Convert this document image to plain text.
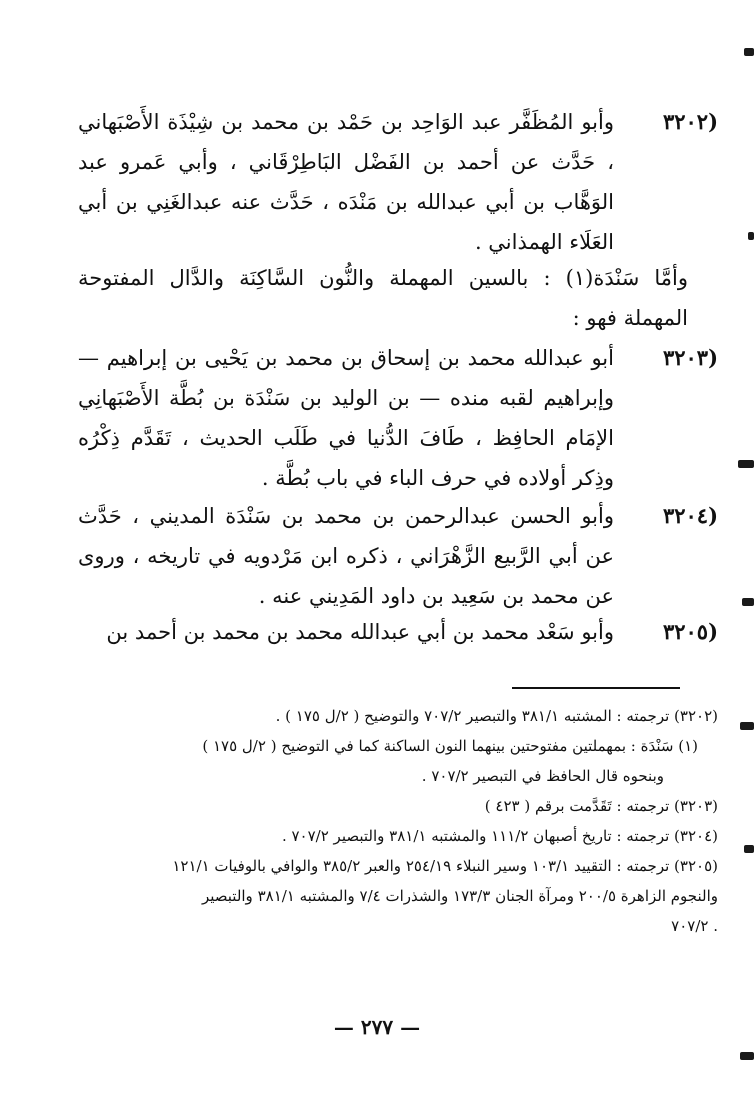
(٣٢٠٢
وأبو المُظَفَّر عبد الوَاحِد بن حَمْد بن محمد بن شِيْذَة الأَصْبَهاني ، حَدَّث عن أحمد بن الفَضْل البَاطِرْقَاني ، وأبي عَمرو عبد الوَهَّاب بن أبي عبدالله بن مَنْدَه ، حَدَّث عنه عبدالغَنِي بن أبي العَلَاء الهمذاني .
وأمَّا سَنْدَة(١) : بالسين المهملة والنُّون السَّاكِنَة والدَّال المفتوحة المهملة فهو :
(٣٢٠٣
أبو عبدالله محمد بن إسحاق بن محمد بن يَحْيى بن إبراهيم — وإبراهيم لقبه منده — بن الوليد بن سَنْدَة بن بُطَّة الأَصْبَهانِي الإمَام الحافِظ ، طَافَ الدُّنيا في طَلَب الحديث ، تَقَدَّم ذِكْرُه وذِكر أولاده في حرف الباء في باب بُطَّة .
(٣٢٠٤
وأبو الحسن عبدالرحمن بن محمد بن سَنْدَة المديني ، حَدَّث عن أبي الرَّبيع الزَّهْرَاني ، ذكره ابن مَرْدويه في تاريخه ، وروى عن محمد بن سَعِيد بن داود المَدِيني عنه .
(٣٢٠٥
وأبو سَعْد محمد بن أبي عبدالله محمد بن محمد بن أحمد بن
(٣٢٠٢) ترجمته : المشتبه ٣٨١/١ والتبصير ٧٠٧/٢ والتوضيح ( ٢/ل ١٧٥ ) .
(١) سَنْدَة : بمهملتين مفتوحتين بينهما النون الساكنة كما في التوضيح ( ٢/ل ١٧٥ )
وبنحوه قال الحافظ في التبصير ٧٠٧/٢ .
(٣٢٠٣) ترجمته : تَقَدَّمت برقم ( ٤٢٣ )
(٣٢٠٤) ترجمته : تاريخ أصبهان ١١١/٢ والمشتبه ٣٨١/١ والتبصير ٧٠٧/٢ .
(٣٢٠٥) ترجمته : التقييد ١٠٣/١ وسير النبلاء ٢٥٤/١٩ والعبر ٣٨٥/٢ والوافي بالوفيات ١٢١/١
والنجوم الزاهرة ٢٠٠/٥ ومرآة الجنان ١٧٣/٣ والشذرات ٧/٤ والمشتبه ٣٨١/١ والتبصير
. ٧٠٧/٢
— ٢٧٧ —
